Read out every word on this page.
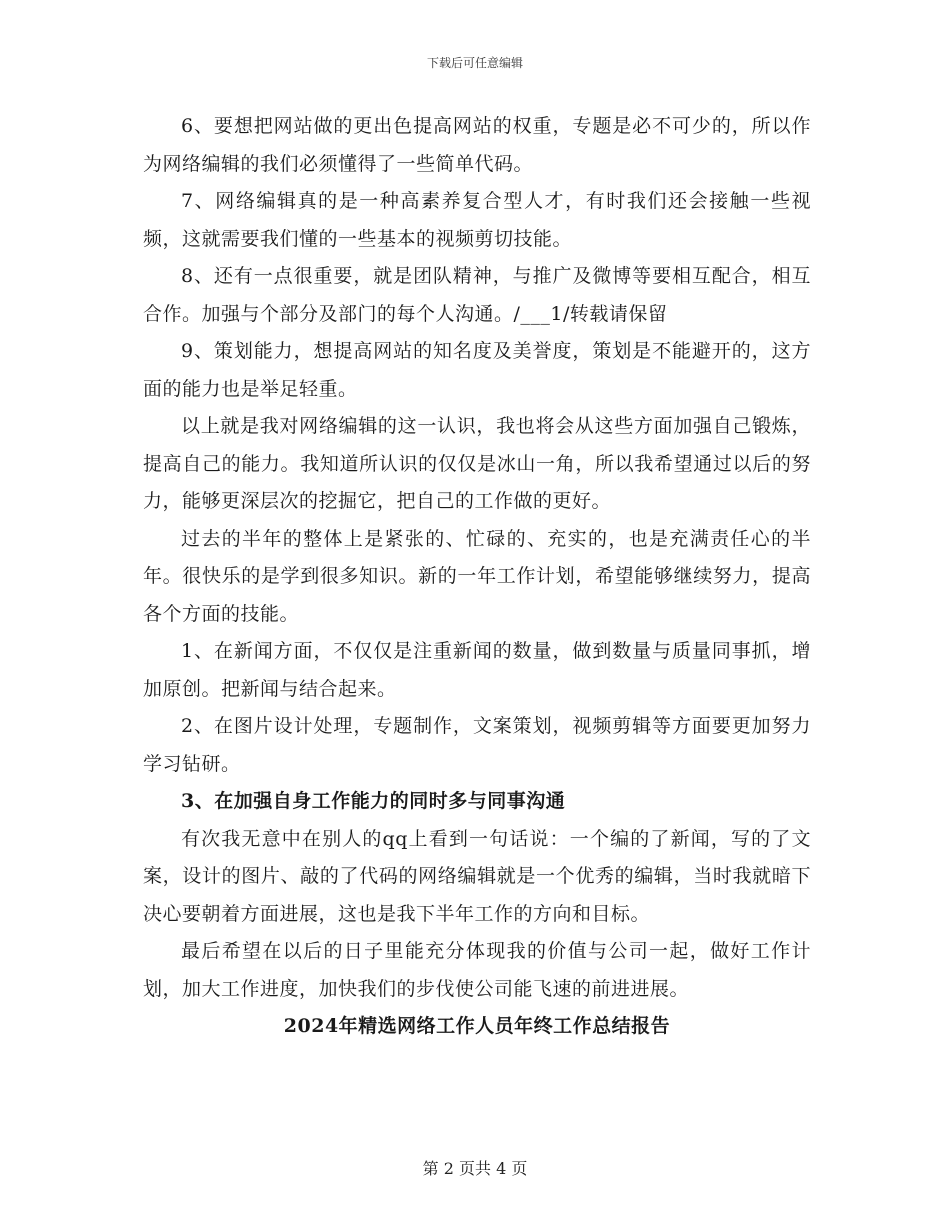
下载后可任意编辑

6、要想把网站做的更出色提高网站的权重，专题是必不可少的，所以作为网络编辑的我们必须懂得了一些简单代码。

7、网络编辑真的是一种高素养复合型人才，有时我们还会接触一些视频，这就需要我们懂的一些基本的视频剪切技能。

8、还有一点很重要，就是团队精神，与推广及微博等要相互配合，相互合作。加强与个部分及部门的每个人沟通。/___1/转载请保留

9、策划能力，想提高网站的知名度及美誉度，策划是不能避开的，这方面的能力也是举足轻重。

以上就是我对网络编辑的这一认识，我也将会从这些方面加强自己锻炼，提高自己的能力。我知道所认识的仅仅是冰山一角，所以我希望通过以后的努力，能够更深层次的挖掘它，把自己的工作做的更好。

过去的半年的整体上是紧张的、忙碌的、充实的，也是充满责任心的半年。很快乐的是学到很多知识。新的一年工作计划，希望能够继续努力，提高各个方面的技能。

1、在新闻方面，不仅仅是注重新闻的数量，做到数量与质量同事抓，增加原创。把新闻与结合起来。

2、在图片设计处理，专题制作，文案策划，视频剪辑等方面要更加努力学习钻研。

3、在加强自身工作能力的同时多与同事沟通

有次我无意中在别人的qq上看到一句话说：一个编的了新闻，写的了文案，设计的图片、敲的了代码的网络编辑就是一个优秀的编辑，当时我就暗下决心要朝着方面进展，这也是我下半年工作的方向和目标。

最后希望在以后的日子里能充分体现我的价值与公司一起，做好工作计划，加大工作进度，加快我们的步伐使公司能飞速的前进进展。

2024年精选网络工作人员年终工作总结报告

第 2 页共 4 页
